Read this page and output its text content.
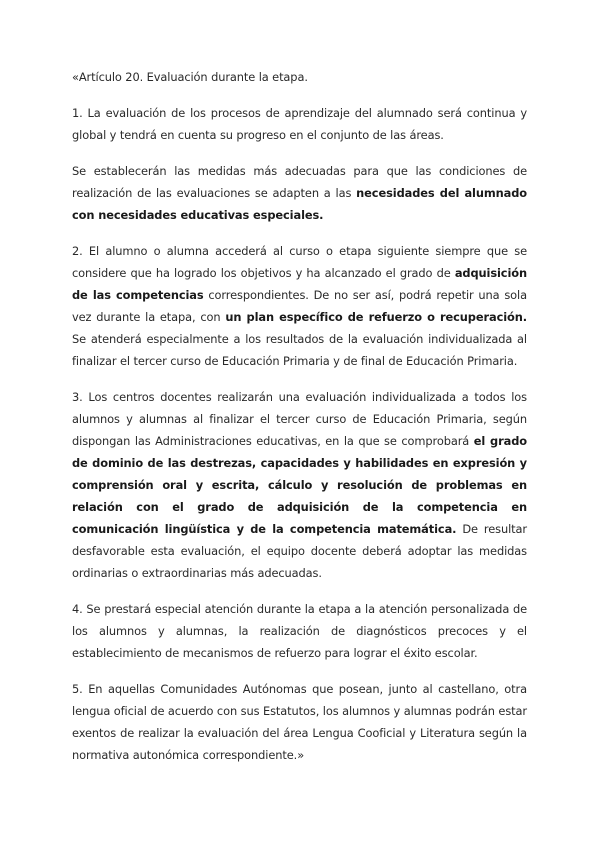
«Artículo 20. Evaluación durante la etapa.

1. La evaluación de los procesos de aprendizaje del alumnado será continua y global y tendrá en cuenta su progreso en el conjunto de las áreas.

Se establecerán las medidas más adecuadas para que las condiciones de realización de las evaluaciones se adapten a las necesidades del alumnado con necesidades educativas especiales.

2. El alumno o alumna accederá al curso o etapa siguiente siempre que se considere que ha logrado los objetivos y ha alcanzado el grado de adquisición de las competencias correspondientes. De no ser así, podrá repetir una sola vez durante la etapa, con un plan específico de refuerzo o recuperación. Se atenderá especialmente a los resultados de la evaluación individualizada al finalizar el tercer curso de Educación Primaria y de final de Educación Primaria.

3. Los centros docentes realizarán una evaluación individualizada a todos los alumnos y alumnas al finalizar el tercer curso de Educación Primaria, según dispongan las Administraciones educativas, en la que se comprobará el grado de dominio de las destrezas, capacidades y habilidades en expresión y comprensión oral y escrita, cálculo y resolución de problemas en relación con el grado de adquisición de la competencia en comunicación lingüística y de la competencia matemática. De resultar desfavorable esta evaluación, el equipo docente deberá adoptar las medidas ordinarias o extraordinarias más adecuadas.

4. Se prestará especial atención durante la etapa a la atención personalizada de los alumnos y alumnas, la realización de diagnósticos precoces y el establecimiento de mecanismos de refuerzo para lograr el éxito escolar.

5. En aquellas Comunidades Autónomas que posean, junto al castellano, otra lengua oficial de acuerdo con sus Estatutos, los alumnos y alumnas podrán estar exentos de realizar la evaluación del área Lengua Cooficial y Literatura según la normativa autonómica correspondiente.»
